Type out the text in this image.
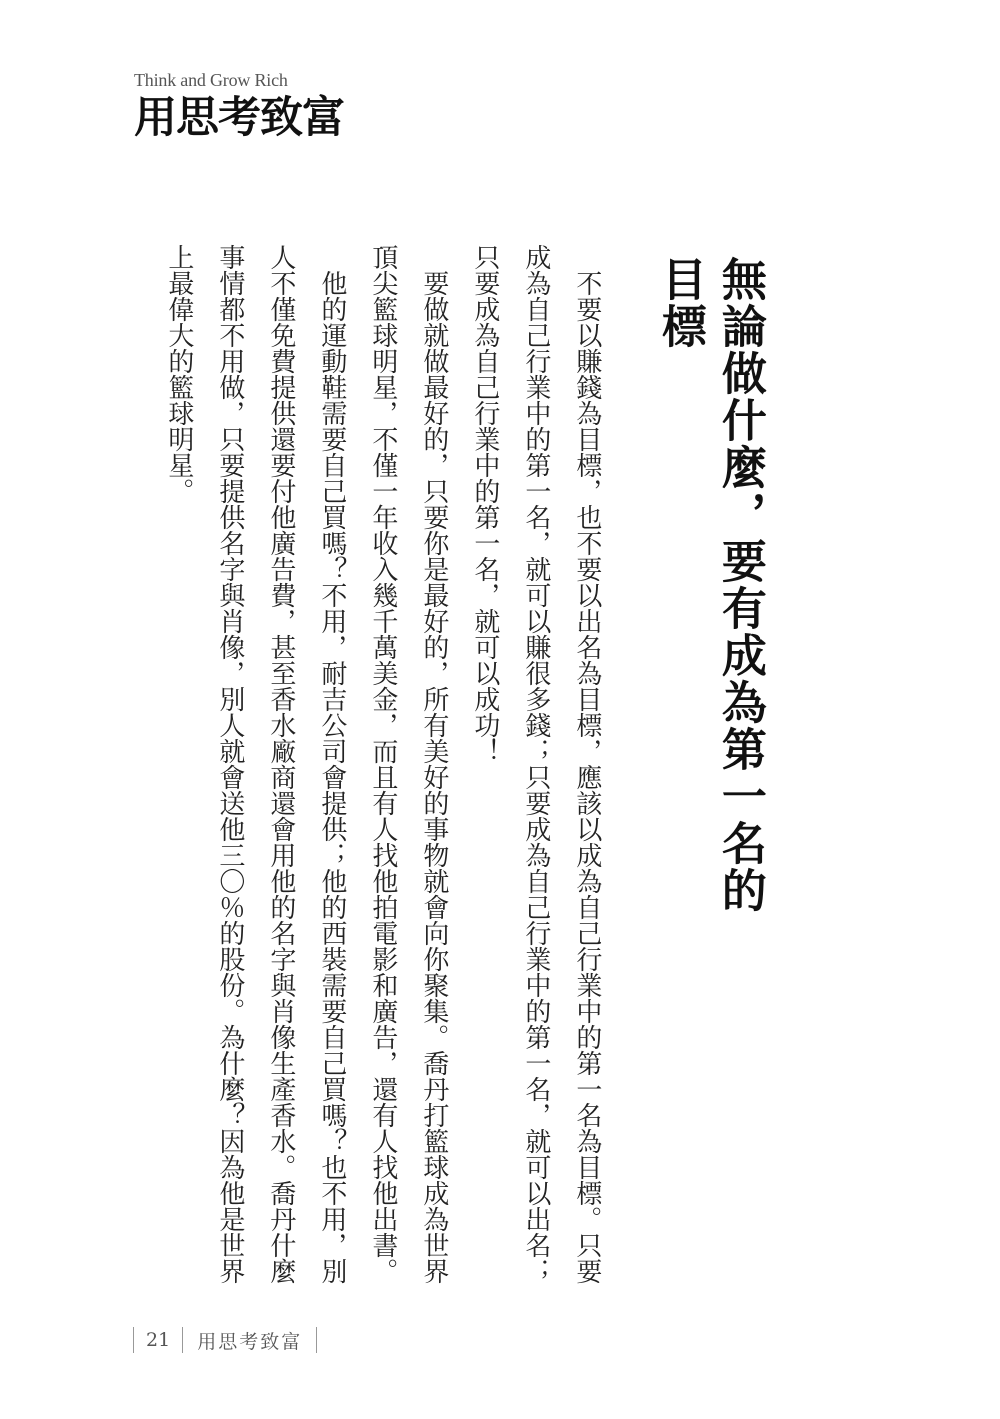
Think and Grow Rich
用思考致富
無論做什麼，要有成為第一名的目標

不要以賺錢為目標，也不要以出名為目標，應該以成為自己行業中的第一名為目標。只要成為自己行業中的第一名，就可以賺很多錢；只要成為自己行業中的第一名，就可以出名；只要成為自己行業中的第一名，就可以成功！

要做就做最好的，只要你是最好的，所有美好的事物就會向你聚集。喬丹打籃球成為世界頂尖籃球明星，不僅一年收入幾千萬美金，而且有人找他拍電影和廣告，還有人找他出書。

他的運動鞋需要自己買嗎？不用，耐吉公司會提供；他的西裝需要自己買嗎？也不用，別人不僅免費提供還要付他廣告費，甚至香水廠商還會用他的名字與肖像生產香水。喬丹什麼事情都不用做，只要提供名字與肖像，別人就會送他三〇％的股份。為什麼？因為他是世界上最偉大的籃球明星。

21	用思考致富
